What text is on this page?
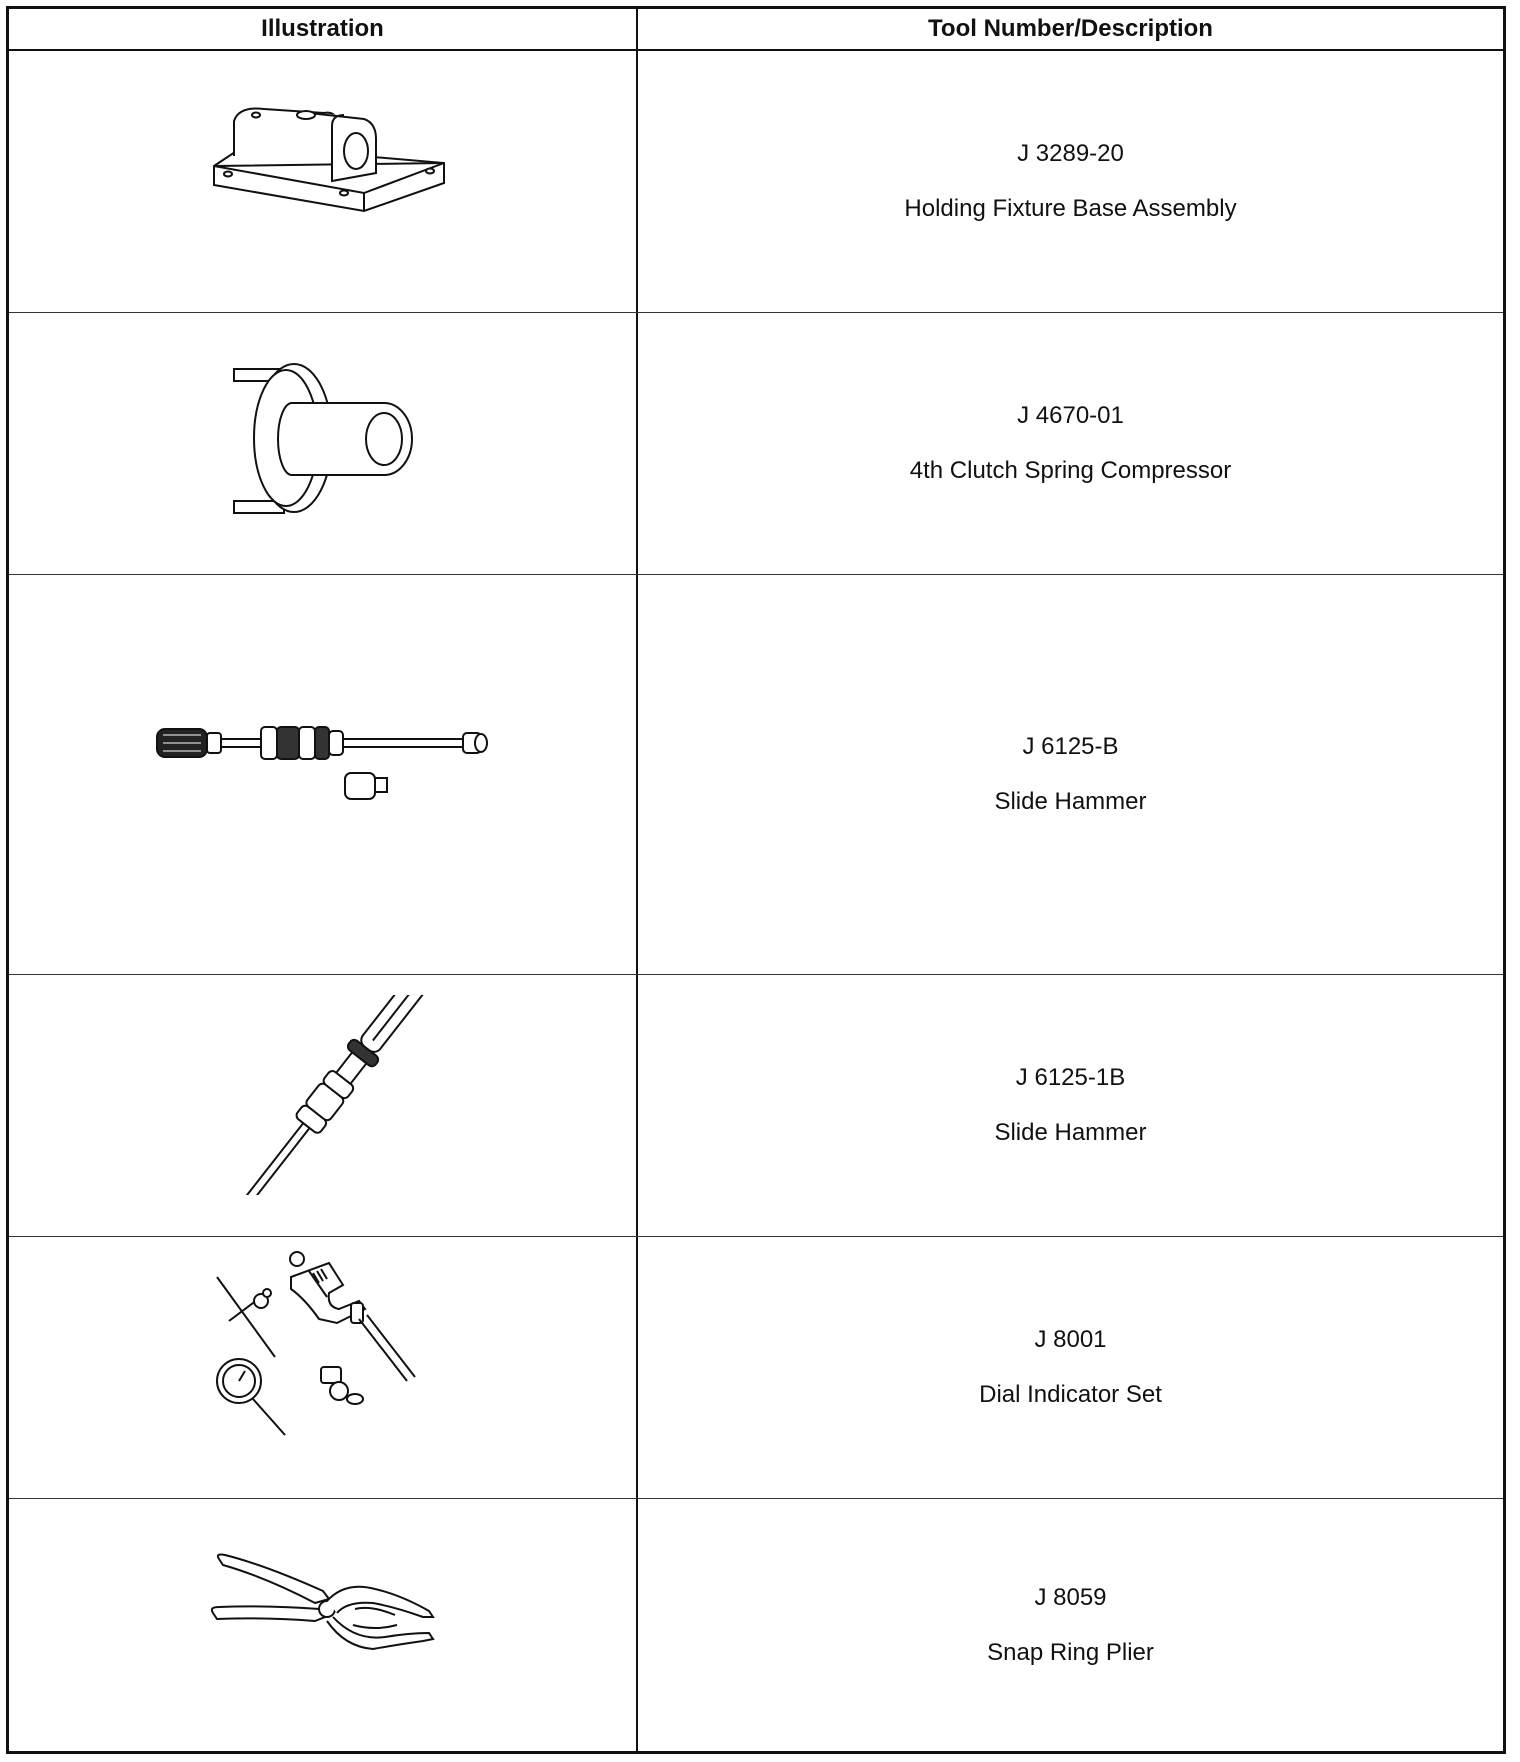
Illustration	Tool Number/Description
J 3289-20
Holding Fixture Base Assembly
J 4670-01
4th Clutch Spring Compressor
J 6125-B
Slide Hammer
J 6125-1B
Slide Hammer
J 8001
Dial Indicator Set
J 8059
Snap Ring Plier
